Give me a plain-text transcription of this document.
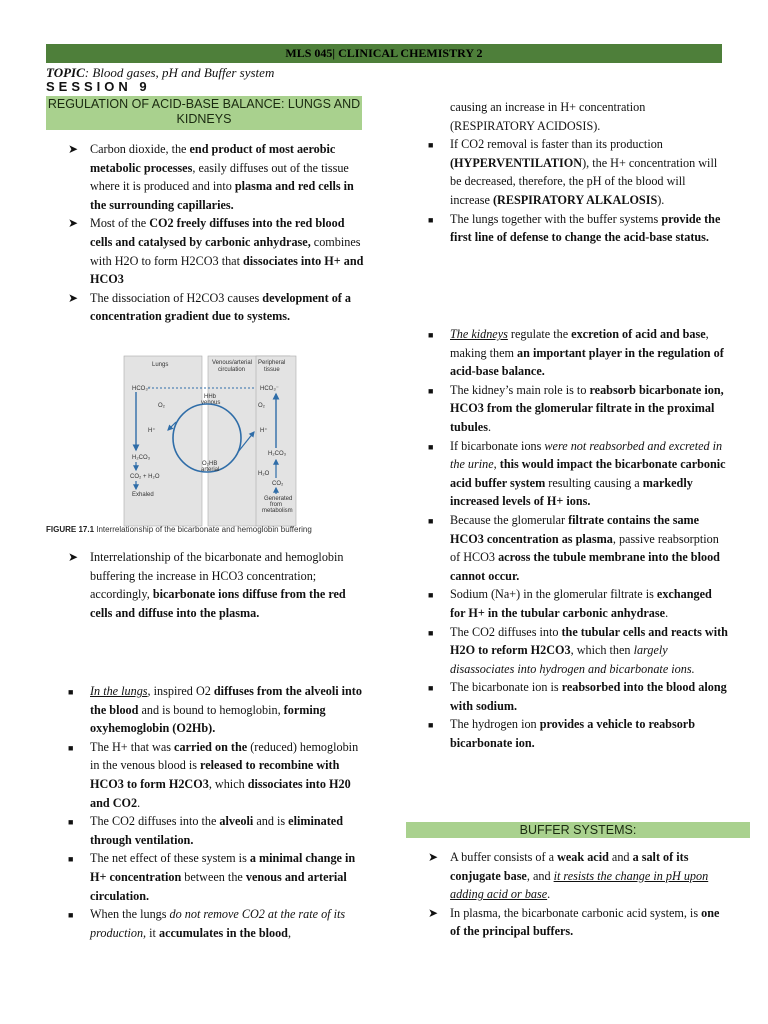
MLS 045| CLINICAL CHEMISTRY 2
TOPIC: Blood gases, pH and Buffer system
SESSION 9
REGULATION OF ACID-BASE BALANCE: LUNGS AND KIDNEYS
➤ Carbon dioxide, the end product of most aerobic metabolic processes, easily diffuses out of the tissue where it is produced and into plasma and red cells in the surrounding capillaries.
➤ Most of the CO2 freely diffuses into the red blood cells and catalysed by carbonic anhydrase, combines with H2O to form H2CO3 that dissociates into H+ and HCO3
➤ The dissociation of H2CO3 causes development of a concentration gradient due to systems.
Lungs	Venous/arterial
circulation
Peripheral
tissue
HCO₃⁻	HCO₃⁻
O₂	O₂
HHb
venous
H⁺	H⁺
H₂CO₃
H₂CO₃
O₂HB
arterial
CO₂ + H₂O	H₂O
CO₂
Exhaled
Generated
from
metabolism
FIGURE 17.1 Interrelationship of the bicarbonate and hemoglobin buffering
➤ Interrelationship of the bicarbonate and hemoglobin buffering the increase in HCO3 concentration; accordingly, bicarbonate ions diffuse from the red cells and diffuse into the plasma.
■	In the lungs, inspired O2 diffuses from the alveoli into the blood and is bound to hemoglobin, forming oxyhemoglobin (O2Hb).
■	The H+ that was carried on the (reduced) hemoglobin in the venous blood is released to recombine with HCO3 to form H2CO3, which dissociates into H20 and CO2.
■	The CO2 diffuses into the alveoli and is eliminated through ventilation.
■	The net effect of these system is a minimal change in H+ concentration between the venous and arterial circulation.
■	When the lungs do not remove CO2 at the rate of its production, it accumulates in the blood,
causing an increase in H+ concentration (RESPIRATORY ACIDOSIS).
■	If CO2 removal is faster than its production (HYPERVENTILATION), the H+ concentration will be decreased, therefore, the pH of the blood will increase (RESPIRATORY ALKALOSIS).
■	The lungs together with the buffer systems provide the first line of defense to change the acid-base status.
■	The kidneys regulate the excretion of acid and base, making them an important player in the regulation of acid-base balance.
■	The kidney’s main role is to reabsorb bicarbonate ion, HCO3 from the glomerular filtrate in the proximal tubules.
■	If bicarbonate ions were not reabsorbed and excreted in the urine, this would impact the bicarbonate carbonic acid buffer system resulting causing a markedly increased levels of H+ ions.
■	Because the glomerular filtrate contains the same HCO3 concentration as plasma, passive reabsorption of HCO3 across the tubule membrane into the blood cannot occur.
■	Sodium (Na+) in the glomerular filtrate is exchanged for H+ in the tubular carbonic anhydrase.
■	The CO2 diffuses into the tubular cells and reacts with H2O to reform H2CO3, which then largely disassociates into hydrogen and bicarbonate ions.
■	The bicarbonate ion is reabsorbed into the blood along with sodium.
■	The hydrogen ion provides a vehicle to reabsorb bicarbonate ion.
BUFFER SYSTEMS:
➤ A buffer consists of a weak acid and a salt of its conjugate base, and it resists the change in pH upon adding acid or base.
➤ In plasma, the bicarbonate carbonic acid system, is one of the principal buffers.
